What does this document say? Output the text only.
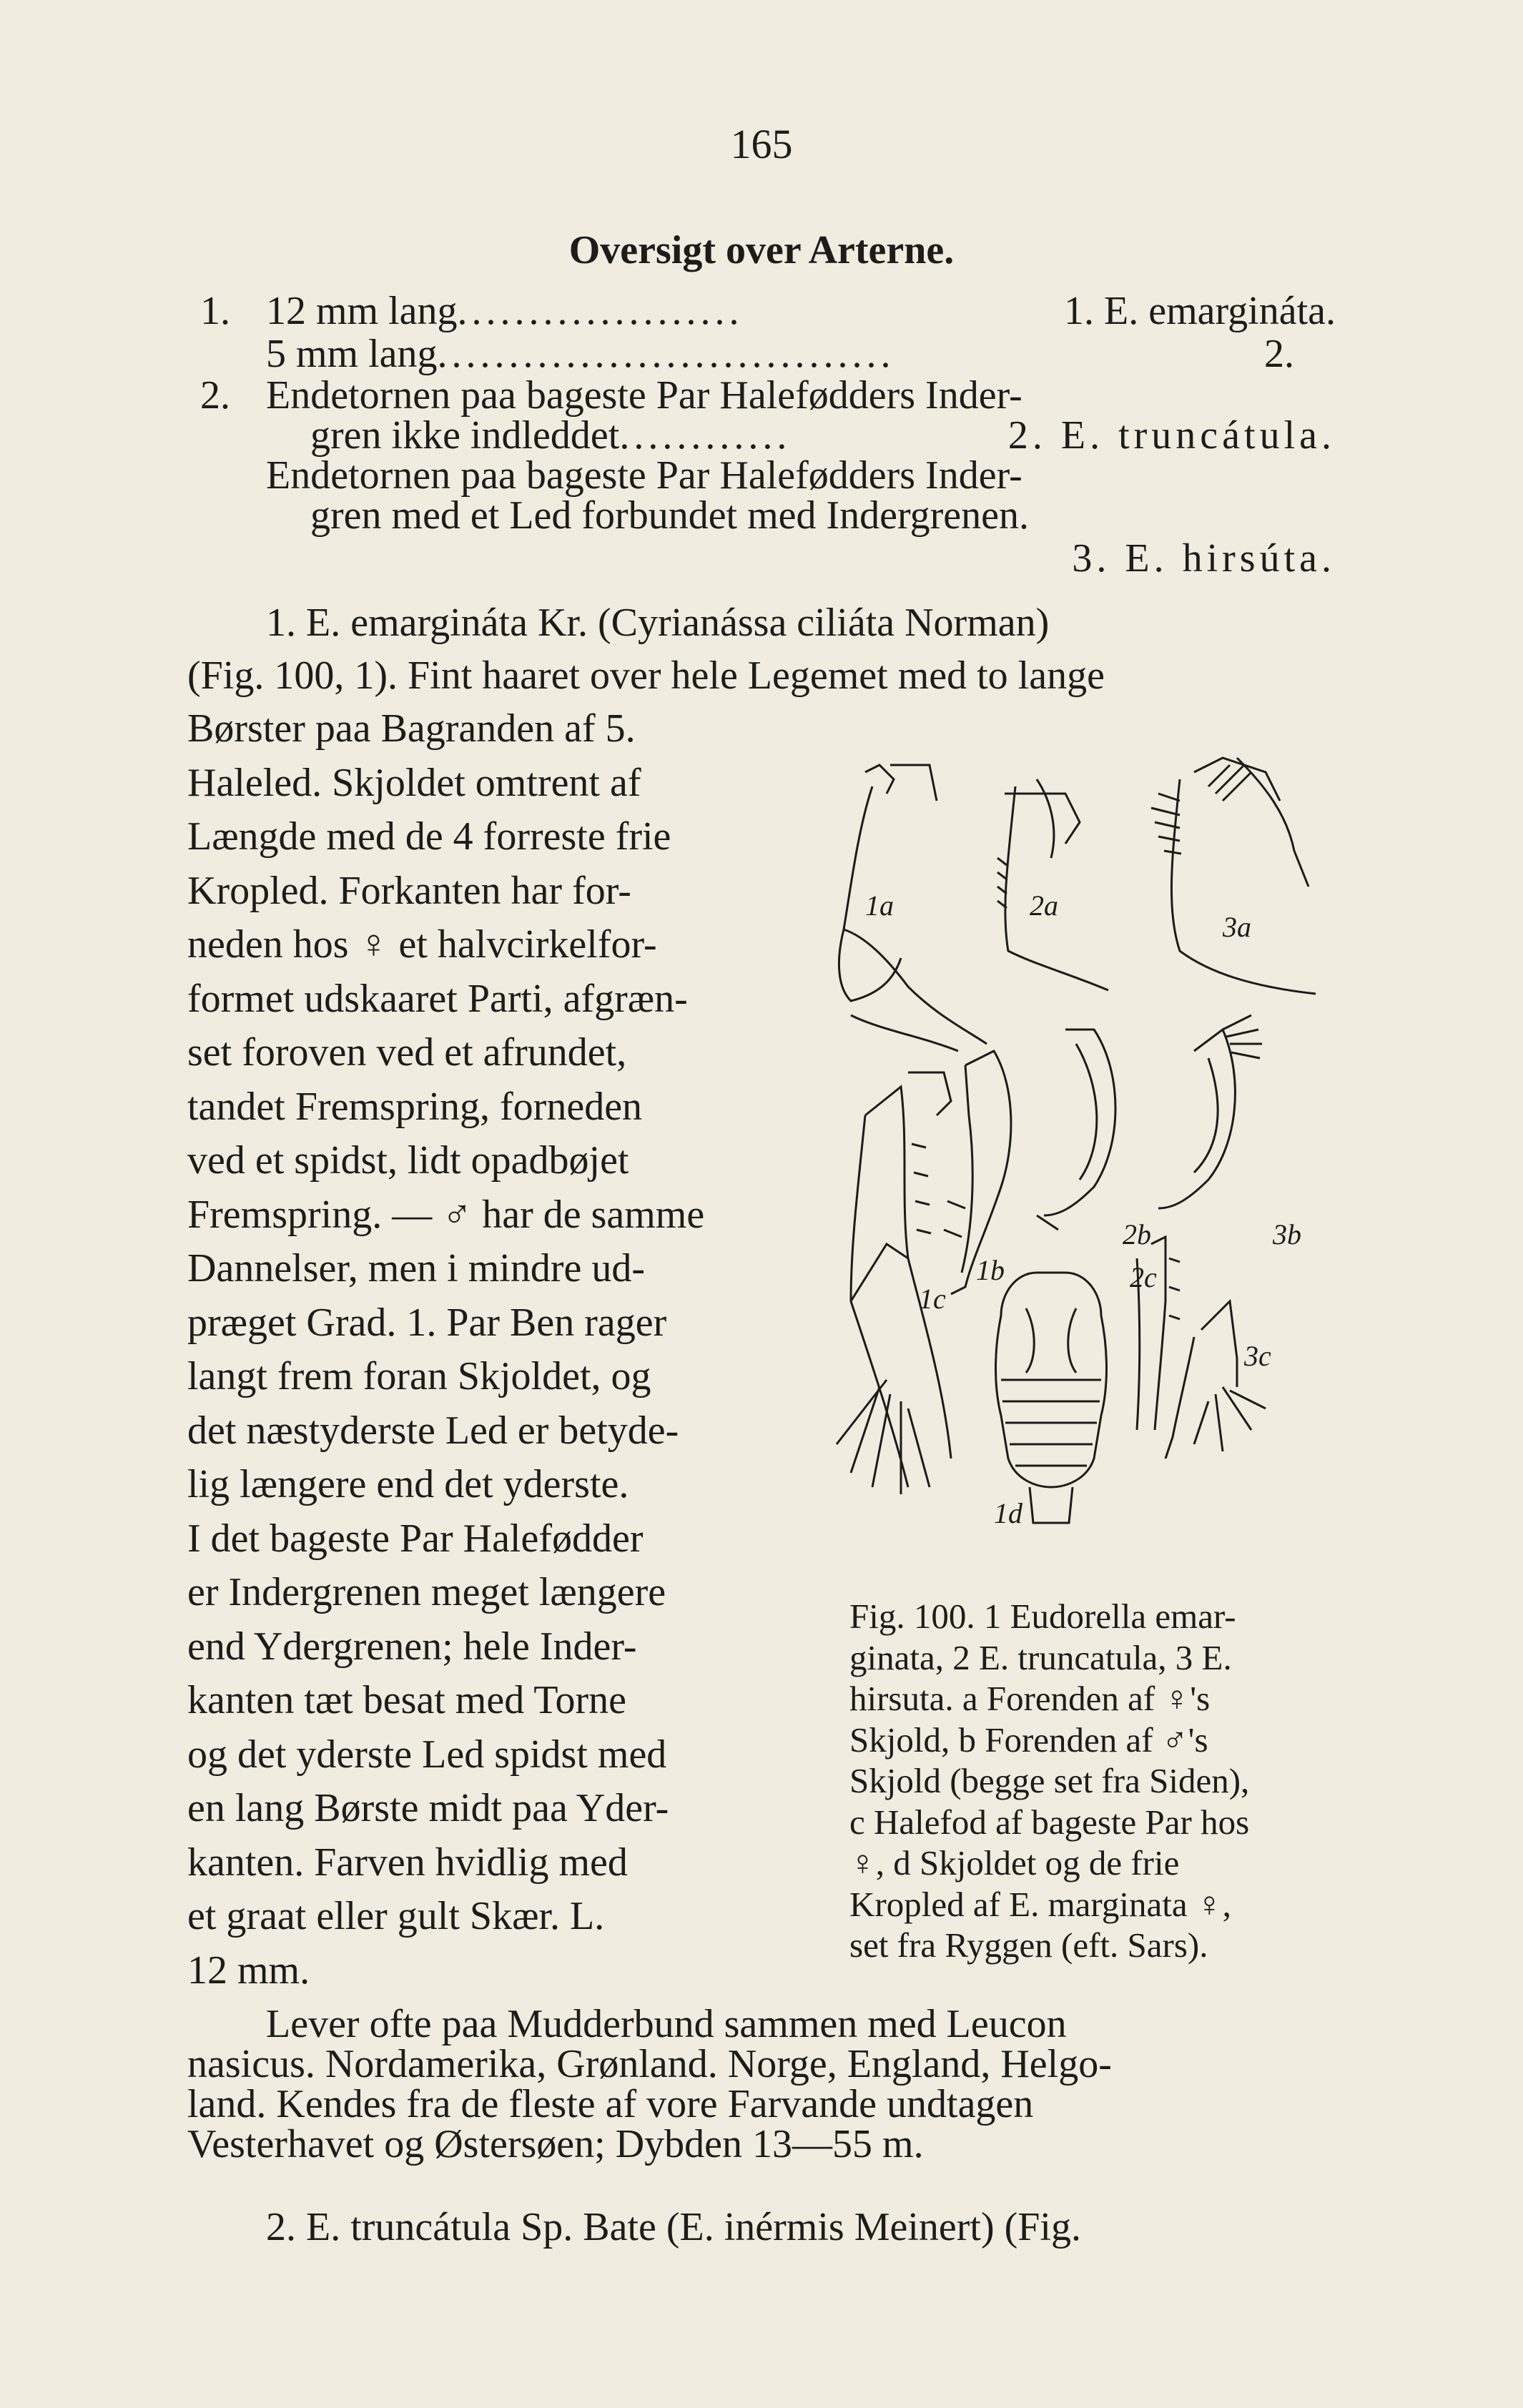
165
Oversigt over Arterne.
1. 12 mm lang....................	1. E. emargináta.
5 mm lang................................	2.
2. Endetornen paa bageste Par Halefødders Inder-
gren ikke indleddet............	2. E. truncátula.
Endetornen paa bageste Par Halefødders Inder-
gren med et Led forbundet med Indergrenen.
3. E. hirsúta.
1. E. emargináta Kr. (Cyrianássa ciliáta Norman)
(Fig. 100, 1). Fint haaret over hele Legemet med to lange
Børster paa Bagranden af 5.
Haleled. Skjoldet omtrent af
Længde med de 4 forreste frie
Kropled. Forkanten har for-
neden hos ♀ et halvcirkelfor-
formet udskaaret Parti, afgræn-
set foroven ved et afrundet,
tandet Fremspring, forneden
ved et spidst, lidt opadbøjet
Fremspring. — ♂ har de samme
Dannelser, men i mindre ud-
præget Grad. 1. Par Ben rager
langt frem foran Skjoldet, og
det næstyderste Led er betyde-
lig længere end det yderste.
I det bageste Par Halefødder
er Indergrenen meget længere
end Ydergrenen; hele Inder-
kanten tæt besat med Torne
og det yderste Led spidst med
en lang Børste midt paa Yder-
kanten. Farven hvidlig med
et graat eller gult Skær. L.
12 mm.
1a	2a
3a
1c
1b
2b	3b
2c
3c
1d
Fig. 100. 1 Eudorella emar-
ginata, 2 E. truncatula, 3 E.
hirsuta. a Forenden af ♀'s
Skjold, b Forenden af ♂'s
Skjold (begge set fra Siden),
c Halefod af bageste Par hos
♀, d Skjoldet og de frie
Kropled af E. marginata ♀,
set fra Ryggen (eft. Sars).
Lever ofte paa Mudderbund sammen med Leucon
nasicus. Nordamerika, Grønland. Norge, England, Helgo-
land. Kendes fra de fleste af vore Farvande undtagen
Vesterhavet og Østersøen; Dybden 13—55 m.
2. E. truncátula Sp. Bate (E. inérmis Meinert) (Fig.
